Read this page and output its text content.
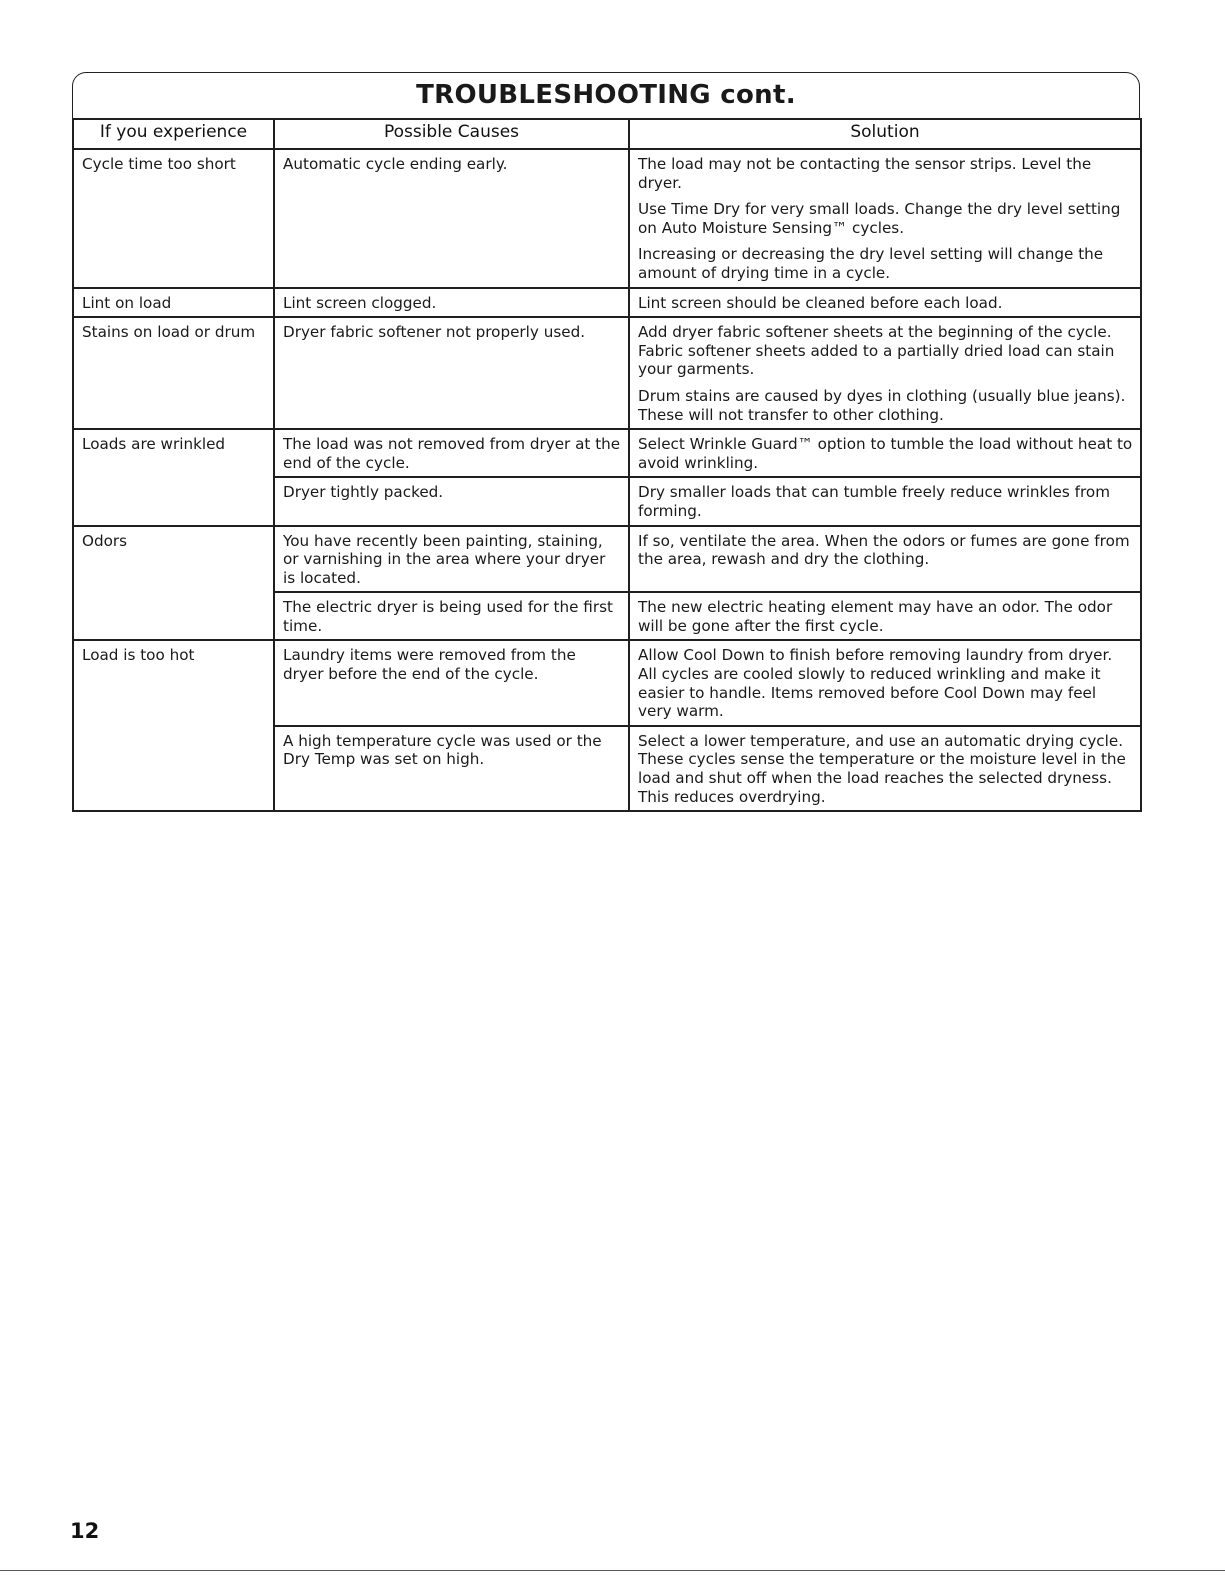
TROUBLESHOOTING cont.
If you experience	Possible Causes	Solution
Cycle time too short	Automatic cycle ending early.	The load may not be contacting the sensor strips. Level the dryer.
Use Time Dry for very small loads. Change the dry level setting on Auto Moisture Sensing™ cycles.
Increasing or decreasing the dry level setting will change the amount of drying time in a cycle.

Lint on load	Lint screen clogged.	Lint screen should be cleaned before each load.

Stains on load or drum	Dryer fabric softener not properly used.	Add dryer fabric softener sheets at the beginning of the cycle. Fabric softener sheets added to a partially dried load can stain your garments.
Drum stains are caused by dyes in clothing (usually blue jeans). These will not transfer to other clothing.

Loads are wrinkled	The load was not removed from dryer at the end of the cycle.	Select Wrinkle Guard™ option to tumble the load without heat to avoid wrinkling.

	Dryer tightly packed.	Dry smaller loads that can tumble freely reduce wrinkles from forming.

Odors	You have recently been painting, staining, or varnishing in the area where your dryer is located.	If so, ventilate the area. When the odors or fumes are gone from the area, rewash and dry the clothing.

	The electric dryer is being used for the first time.	The new electric heating element may have an odor. The odor will be gone after the first cycle.

Load is too hot	Laundry items were removed from the dryer before the end of the cycle.	Allow Cool Down to finish before removing laundry from dryer. All cycles are cooled slowly to reduced wrinkling and make it easier to handle. Items removed before Cool Down may feel very warm.

	A high temperature cycle was used or the Dry Temp was set on high.	Select a lower temperature, and use an automatic drying cycle. These cycles sense the temperature or the moisture level in the load and shut off when the load reaches the selected dryness. This reduces overdrying.
12
